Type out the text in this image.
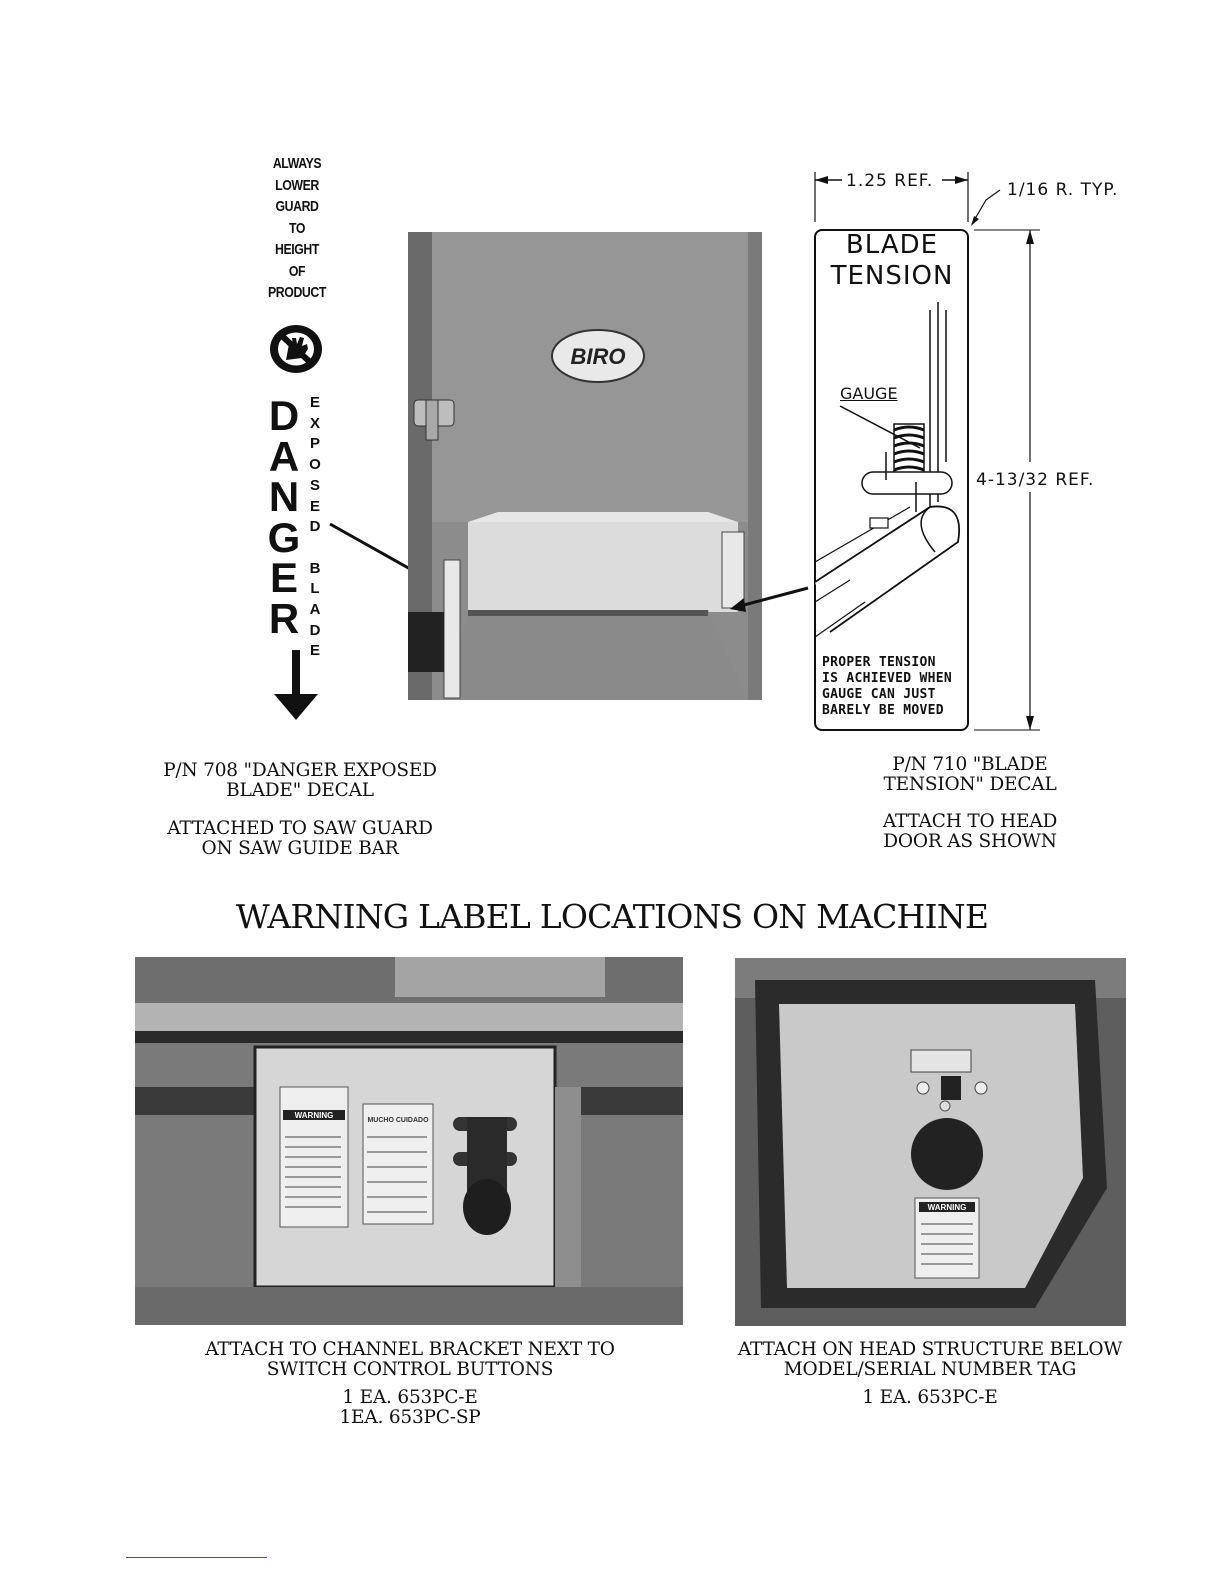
ALWAYS
LOWER
GUARD
TO
HEIGHT
OF
PRODUCT
D
A
N
G
E
R
E
X
P
O
S
E
D
B
L
A
D
E
BIRO
BLADE
TENSION
GAUGE
PROPER TENSION
IS ACHIEVED WHEN
GAUGE CAN JUST
BARELY BE MOVED
1.25 REF.	1/16 R. TYP.
4-13/32 REF.
P/N 708 "DANGER EXPOSED
BLADE" DECAL
ATTACHED TO SAW GUARD
ON SAW GUIDE BAR
P/N 710 "BLADE
TENSION" DECAL
ATTACH TO HEAD
DOOR AS SHOWN
WARNING LABEL LOCATIONS ON MACHINE
WARNING
MUCHO CUIDADO
WARNING
ATTACH TO CHANNEL BRACKET NEXT TO
SWITCH CONTROL BUTTONS
1 EA. 653PC-E
1EA. 653PC-SP
ATTACH ON HEAD STRUCTURE BELOW
MODEL/SERIAL NUMBER TAG
1 EA. 653PC-E
